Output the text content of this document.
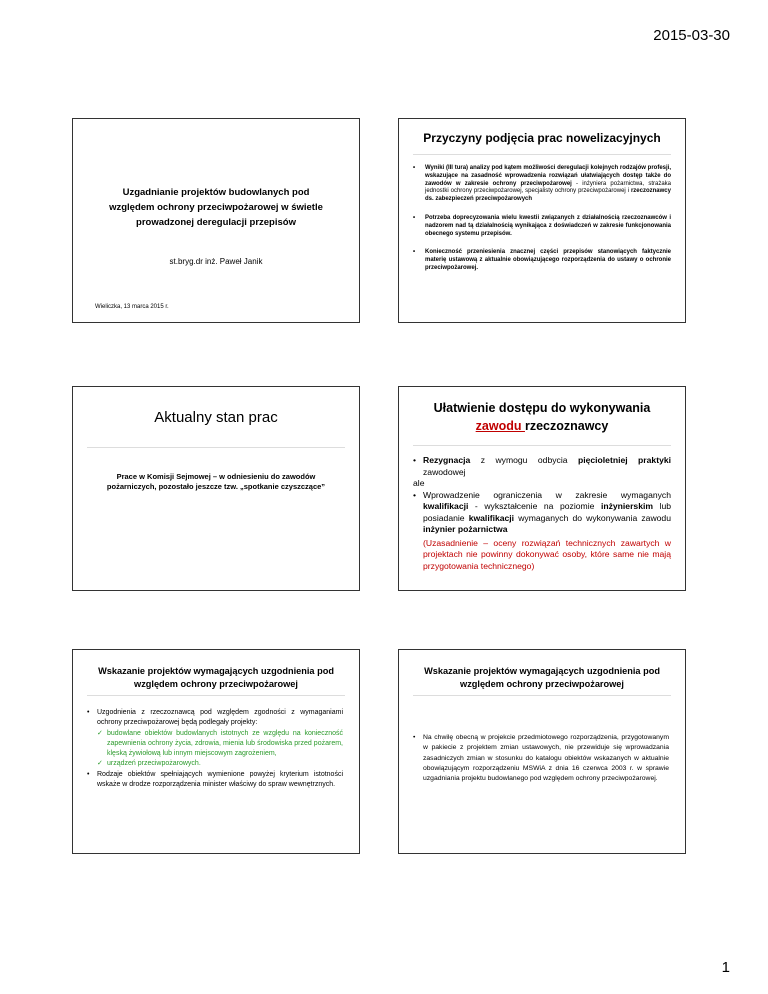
2015-03-30
Uzgadnianie projektów budowlanych pod
względem ochrony przeciwpożarowej w świetle
prowadzonej deregulacji przepisów
st.bryg.dr inż. Paweł Janik
Wieliczka, 13 marca 2015 r.
Przyczyny podjęcia prac nowelizacyjnych
• Wyniki (III tura) analizy pod kątem możliwości deregulacji kolejnych rodzajów profesji, wskazujące na zasadność wprowadzenia rozwiązań ułatwiających dostęp także do zawodów w zakresie ochrony przeciwpożarowej - inżyniera pożarnictwa, strażaka jednostki ochrony przeciwpożarowej, specjalisty ochrony przeciwpożarowej i rzeczoznawcy ds. zabezpieczeń przeciwpożarowych
• Potrzeba doprecyzowania wielu kwestii związanych z działalnością rzeczoznawców i nadzorem nad tą działalnością wynikająca z doświadczeń w zakresie funkcjonowania obecnego systemu przepisów.
• Konieczność przeniesienia znacznej części przepisów stanowiących faktycznie materię ustawową z aktualnie obowiązującego rozporządzenia do ustawy o ochronie przeciwpożarowej.
Aktualny stan prac
Prace w Komisji Sejmowej – w odniesieniu do zawodów pożarniczych, pozostało jeszcze tzw. „spotkanie czyszczące”
Ułatwienie dostępu do wykonywania
zawodu rzeczoznawcy
• Rezygnacja z wymogu odbycia pięcioletniej praktyki zawodowej
ale
• Wprowadzenie ograniczenia w zakresie wymaganych kwalifikacji - wykształcenie na poziomie inżynierskim lub posiadanie kwalifikacji wymaganych do wykonywania zawodu inżynier pożarnictwa
(Uzasadnienie – oceny rozwiązań technicznych zawartych w projektach nie powinny dokonywać osoby, które same nie mają przygotowania technicznego)
Wskazanie projektów wymagających uzgodnienia pod
względem ochrony przeciwpożarowej
• Uzgodnienia z rzeczoznawcą pod względem zgodności z wymaganiami ochrony przeciwpożarowej będą podlegały projekty:
✓ budowlane obiektów budowlanych istotnych ze względu na konieczność zapewnienia ochrony życia, zdrowia, mienia lub środowiska przed pożarem, klęską żywiołową lub innym miejscowym zagrożeniem,
✓ urządzeń przeciwpożarowych.
• Rodzaje obiektów spełniających wymienione powyżej kryterium istotności wskaże w drodze rozporządzenia minister właściwy do spraw wewnętrznych.
Wskazanie projektów wymagających uzgodnienia pod
względem ochrony przeciwpożarowej
• Na chwilę obecną w projekcie przedmiotowego rozporządzenia, przygotowanym w pakiecie z projektem zmian ustawowych, nie przewiduje się wprowadzania zasadniczych zmian w stosunku do katalogu obiektów wskazanych w aktualnie obowiązującym rozporządzeniu MSWiA z dnia 16 czerwca 2003 r. w sprawie uzgadniania projektu budowlanego pod względem ochrony przeciwpożarowej.
1
